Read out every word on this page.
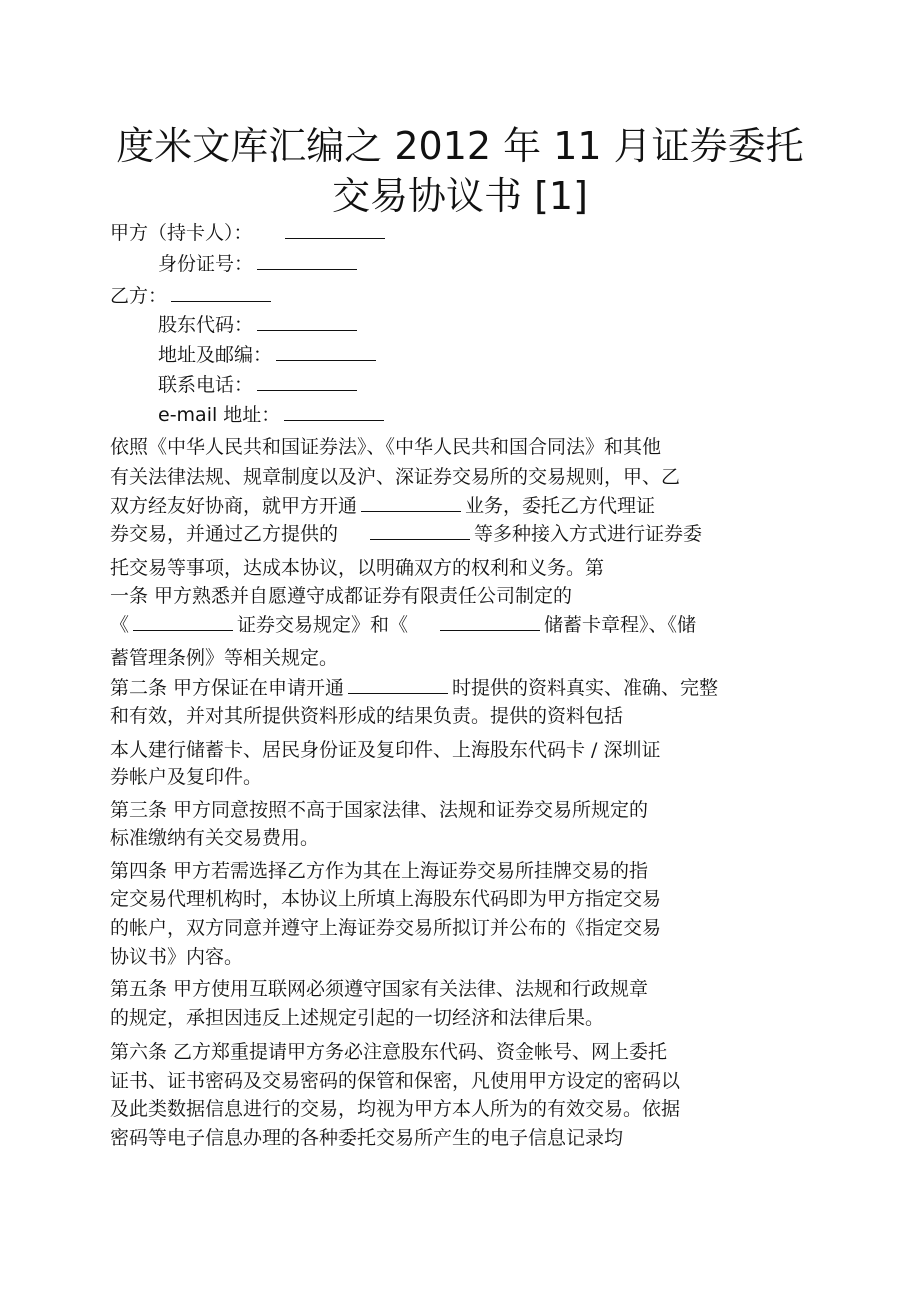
度米文库汇编之 2012 年 11 月证券委托
交易协议书 [1]
甲方（持卡人）：
身份证号：
乙方：
股东代码：
地址及邮编：
联系电话：
e-mail 地址：
依照《中华人民共和国证券法》、《中华人民共和国合同法》和其他
有关法律法规、规章制度以及沪、深证券交易所的交易规则，甲、乙
双方经友好协商，就甲方开通	业务，委托乙方代理证
券交易，并通过乙方提供的	等多种接入方式进行证券委
托交易等事项，达成本协议，以明确双方的权利和义务。第
一条 甲方熟悉并自愿遵守成都证券有限责任公司制定的
《	证券交易规定》和《	储蓄卡章程》、《储
蓄管理条例》等相关规定。
第二条 甲方保证在申请开通	时提供的资料真实、准确、完整
和有效，并对其所提供资料形成的结果负责。提供的资料包括
本人建行储蓄卡、居民身份证及复印件、上海股东代码卡 / 深圳证
券帐户及复印件。
第三条 甲方同意按照不高于国家法律、法规和证券交易所规定的
标准缴纳有关交易费用。
第四条 甲方若需选择乙方作为其在上海证券交易所挂牌交易的指
定交易代理机构时，本协议上所填上海股东代码即为甲方指定交易
的帐户，双方同意并遵守上海证券交易所拟订并公布的《指定交易
协议书》内容。
第五条 甲方使用互联网必须遵守国家有关法律、法规和行政规章
的规定，承担因违反上述规定引起的一切经济和法律后果。
第六条 乙方郑重提请甲方务必注意股东代码、资金帐号、网上委托
证书、证书密码及交易密码的保管和保密，凡使用甲方设定的密码以
及此类数据信息进行的交易，均视为甲方本人所为的有效交易。依据
密码等电子信息办理的各种委托交易所产生的电子信息记录均
